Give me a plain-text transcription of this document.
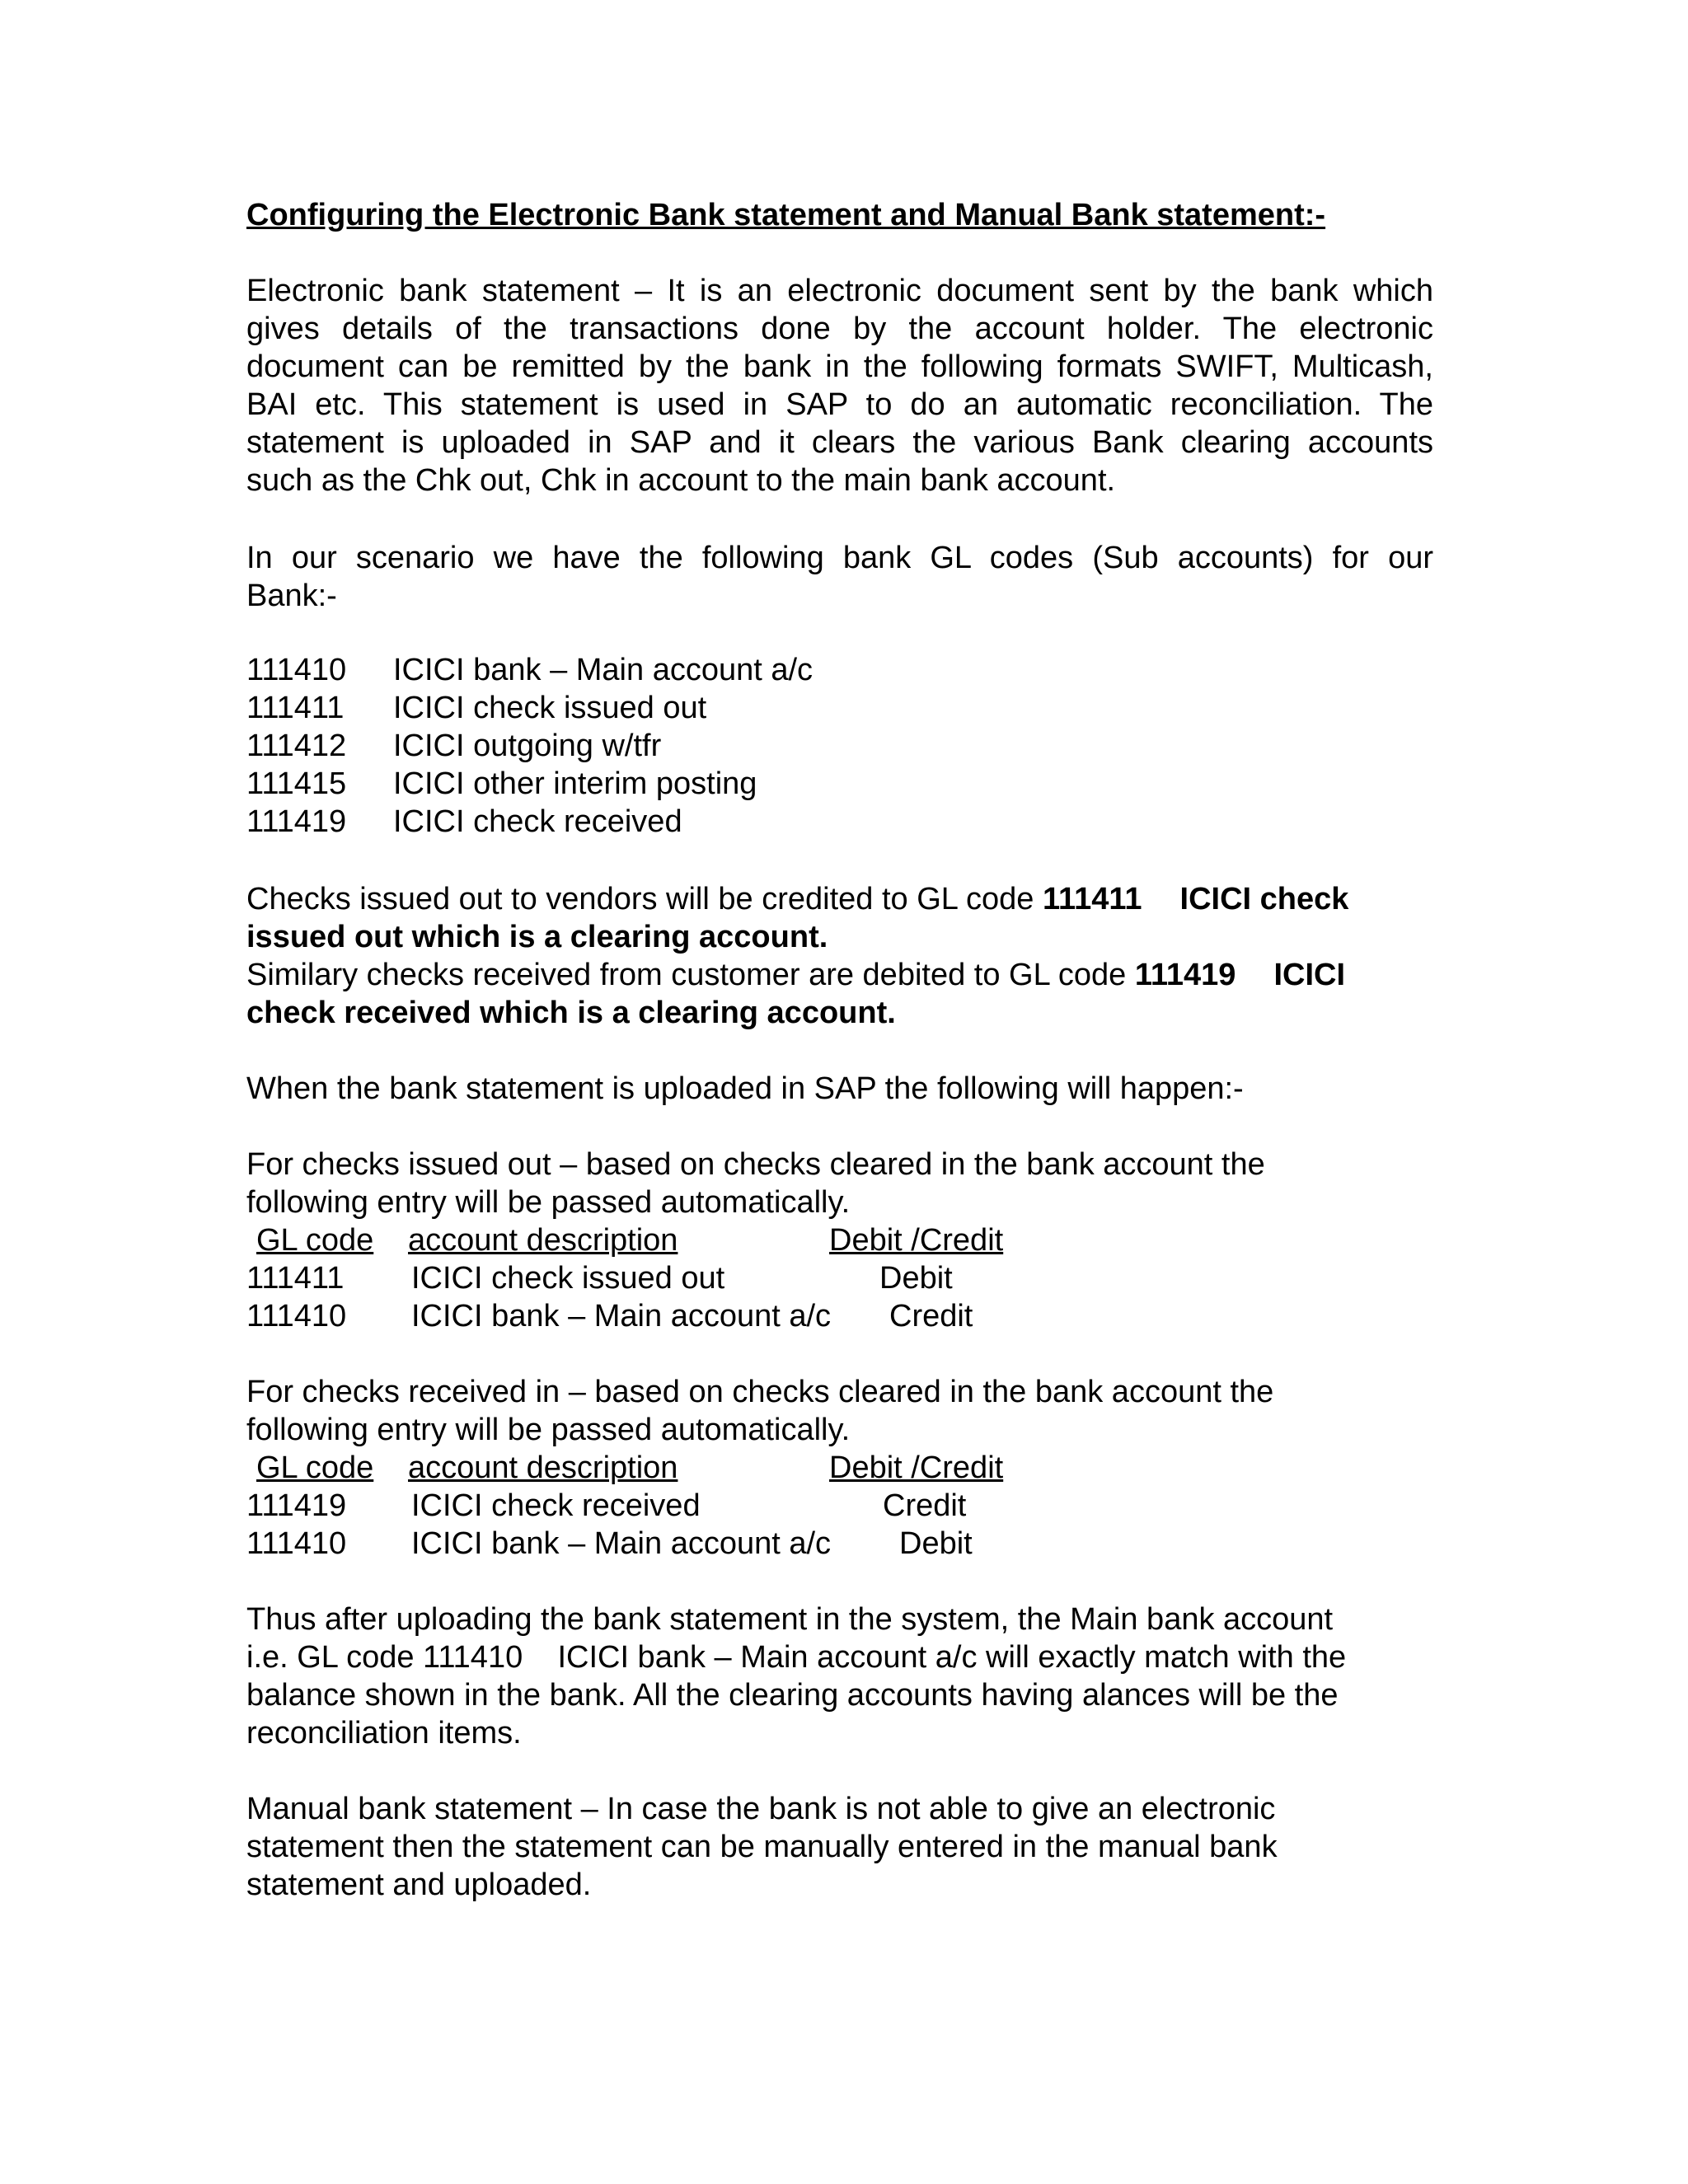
Configuring the Electronic Bank statement and Manual Bank statement:-
Electronic bank statement – It is an electronic document sent by the bank which
gives details of the transactions done by the account holder. The electronic
document can be remitted by the bank in the following formats SWIFT, Multicash,
BAI etc. This statement is used in SAP to do an automatic reconciliation. The
statement is uploaded in SAP and it clears the various Bank clearing accounts
such as the Chk out, Chk in account to the main bank account.
In our scenario we have the following bank GL codes (Sub accounts) for our
Bank:-
111410 ICICI bank – Main account a/c
111411 ICICI check issued out
111412 ICICI outgoing w/tfr
111415 ICICI other interim posting
111419 ICICI check received
Checks issued out to vendors will be credited to GL code 111411 ICICI check
issued out which is a clearing account.
Similary checks received from customer are debited to GL code 111419 ICICI
check received which is a clearing account.
When the bank statement is uploaded in SAP the following will happen:-
For checks issued out – based on checks cleared in the bank account the
following entry will be passed automatically.
GL code account description	Debit /Credit
111411 ICICI check issued out	Debit
111410 ICICI bank – Main account a/c Credit
For checks received in – based on checks cleared in the bank account the
following entry will be passed automatically.
GL code account description	Debit /Credit
111419 ICICI check received	Credit
111410 ICICI bank – Main account a/c Debit
Thus after uploading the bank statement in the system, the Main bank account
i.e. GL code 111410    ICICI bank – Main account a/c will exactly match with the
balance shown in the bank. All the clearing accounts having alances will be the
reconciliation items.
Manual bank statement – In case the bank is not able to give an electronic
statement then the statement can be manually entered in the manual bank
statement and uploaded.
